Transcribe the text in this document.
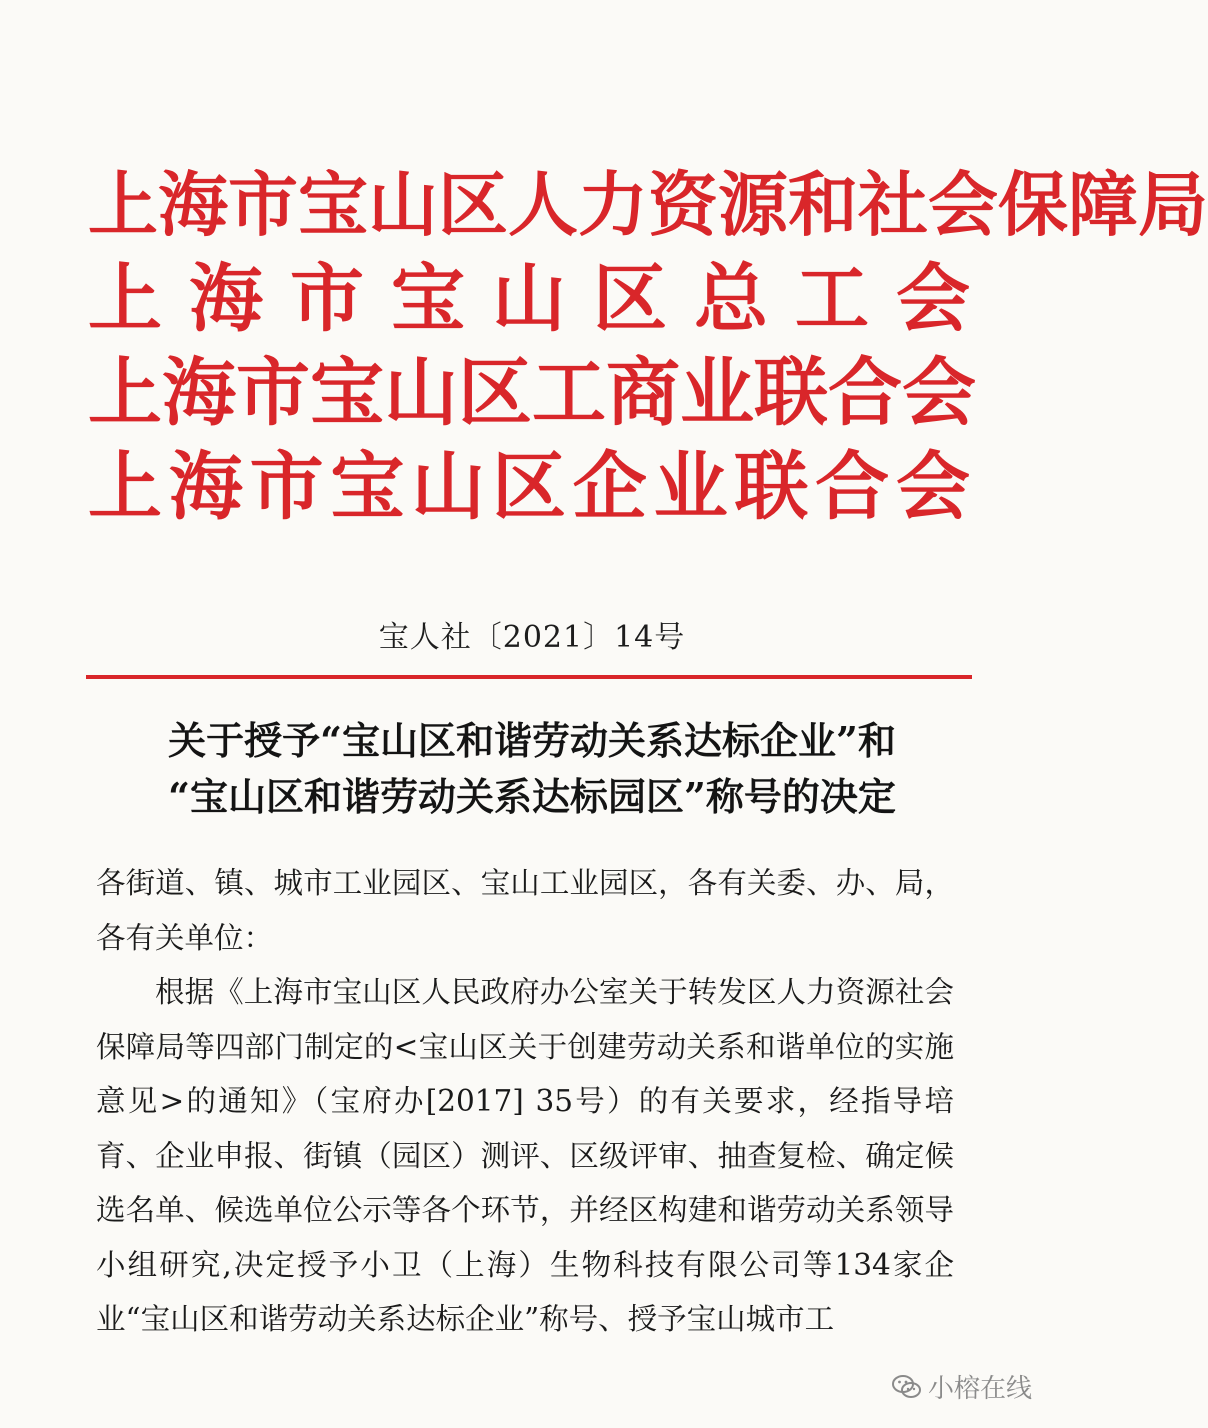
上 海 市 宝 山 区 人 力 资 源 和 社 会 保 障 局
上 海 市 宝 山 区 总 工 会
上 海 市 宝 山 区 工 商 业 联 合 会
上 海 市 宝 山 区 企 业 联 合 会
宝人社〔2021〕14号
关于授予“宝山区和谐劳动关系达标企业”和
“宝山区和谐劳动关系达标园区”称号的决定

各街道、镇、城市工业园区、宝山工业园区，各有关委、办、局，各有关单位：

根据《上海市宝山区人民政府办公室关于转发区人力资源社会保障局等四部门制定的<宝山区关于创建劳动关系和谐单位的实施意见>的通知》（宝府办[2017] 35号）的有关要求，经指导培育、企业申报、街镇（园区）测评、区级评审、抽查复检、确定候选名单、候选单位公示等各个环节，并经区构建和谐劳动关系领导小组研究,决定授予小卫（上海）生物科技有限公司等134家企业“宝山区和谐劳动关系达标企业”称号、授予宝山城市工

小榕在线
